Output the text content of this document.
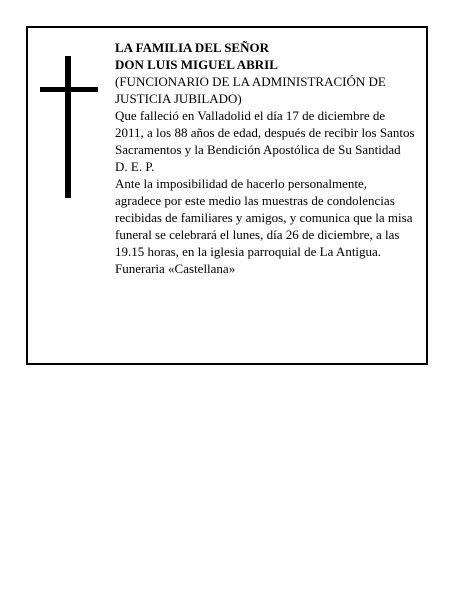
LA FAMILIA DEL SEÑOR

DON LUIS MIGUEL ABRIL

(FUNCIONARIO DE LA ADMINISTRACIÓN DE JUSTICIA JUBILADO)

Que falleció en Valladolid el día 17 de diciembre de 2011, a los 88 años de edad, después de recibir los Santos Sacramentos y la Bendición Apostólica de Su Santidad

D. E. P.

Ante la imposibilidad de hacerlo personalmente, agradece por este medio las muestras de condolencias recibidas de familiares y amigos, y comunica que la misa funeral se celebrará el lunes, día 26 de diciembre, a las 19.15 horas, en la iglesia parroquial de La Antigua.

Funeraria «Castellana»
